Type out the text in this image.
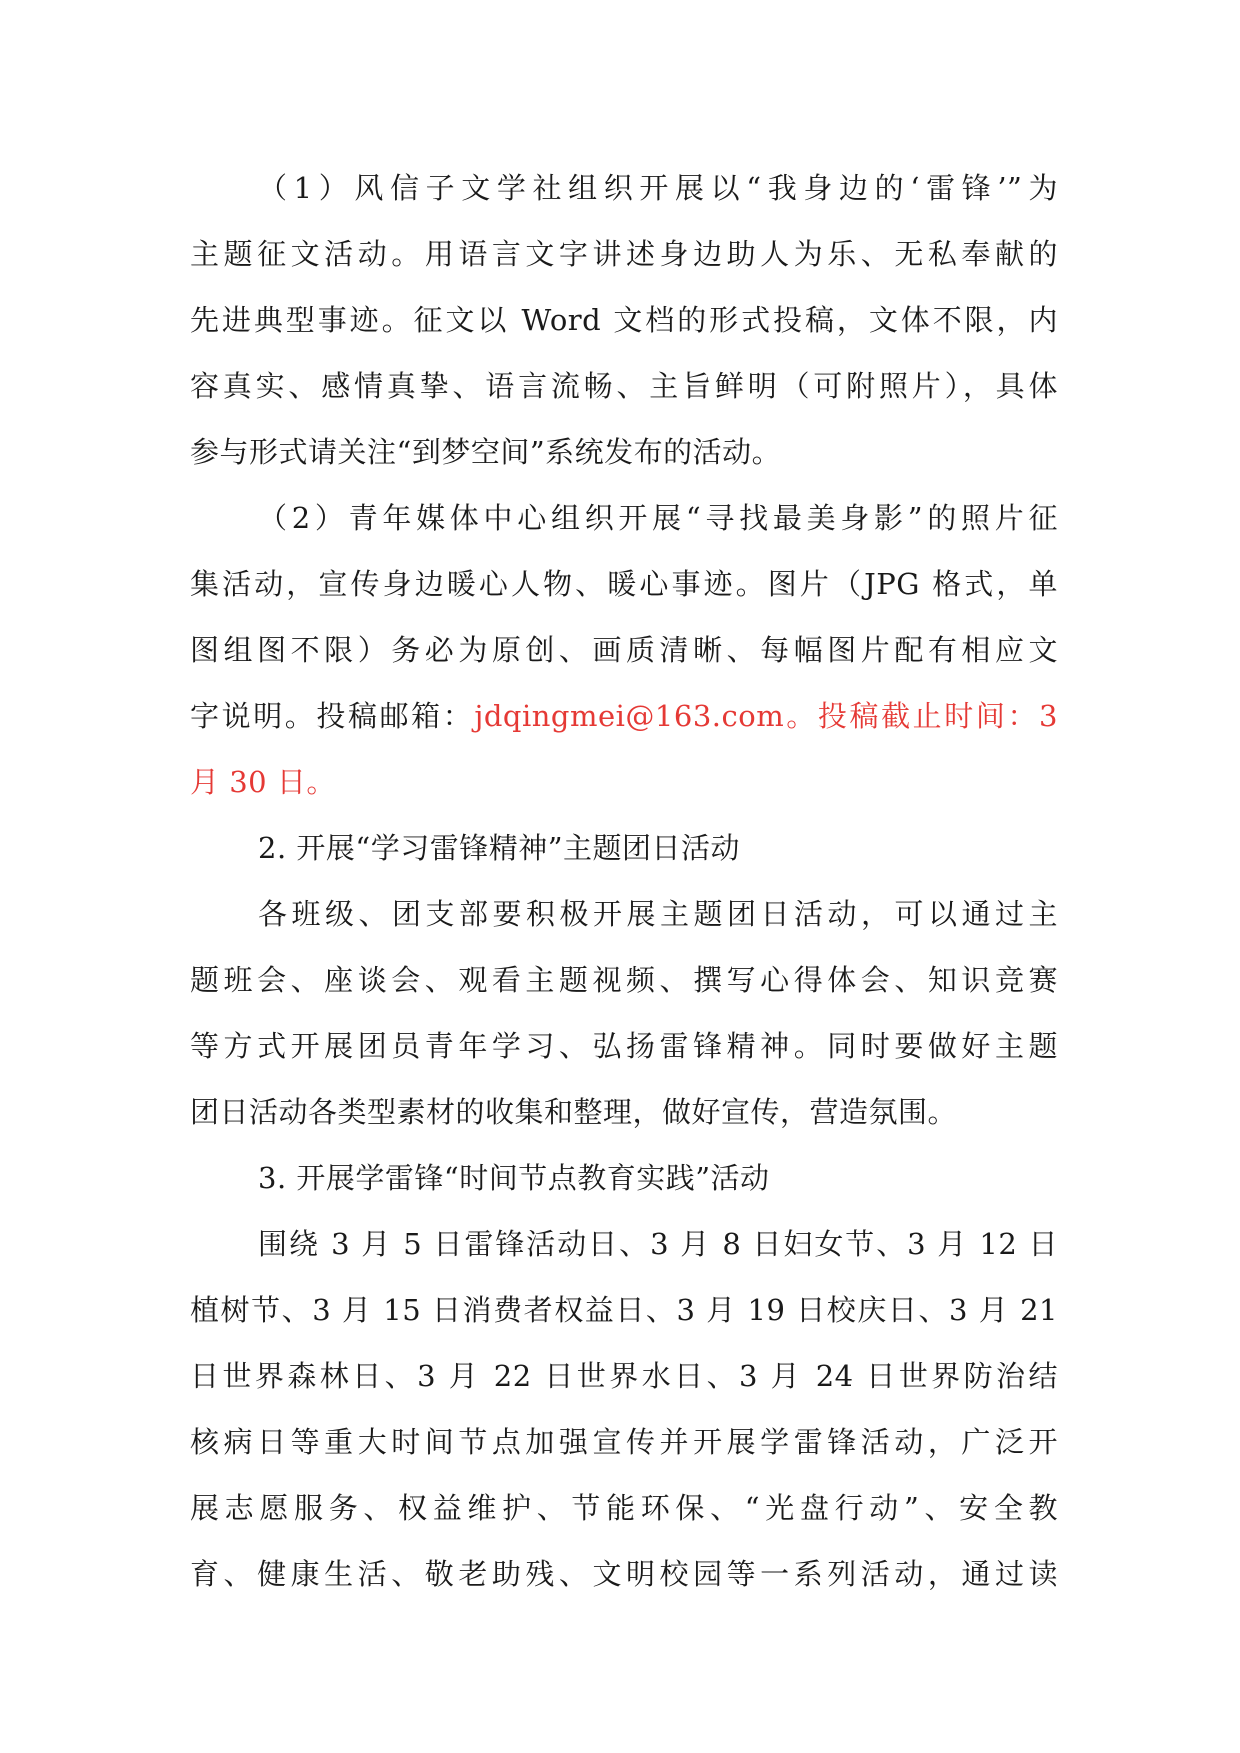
（1）风信子文学社组织开展以“我身边的‘雷锋’”为
主题征文活动。用语言文字讲述身边助人为乐、无私奉献的
先进典型事迹。征文以 Word 文档的形式投稿，文体不限，内
容真实、感情真挚、语言流畅、主旨鲜明（可附照片），具体
参与形式请关注“到梦空间”系统发布的活动。
（2）青年媒体中心组织开展“寻找最美身影”的照片征
集活动，宣传身边暖心人物、暖心事迹。图片（JPG 格式，单
图组图不限）务必为原创、画质清晰、每幅图片配有相应文
字说明。投稿邮箱：jdqingmei@163.com。投稿截止时间：3
月 30 日。
2. 开展“学习雷锋精神”主题团日活动
各班级、团支部要积极开展主题团日活动，可以通过主
题班会、座谈会、观看主题视频、撰写心得体会、知识竞赛
等方式开展团员青年学习、弘扬雷锋精神。同时要做好主题
团日活动各类型素材的收集和整理，做好宣传，营造氛围。
3. 开展学雷锋“时间节点教育实践”活动
围绕 3 月 5 日雷锋活动日、3 月 8 日妇女节、3 月 12 日
植树节、3 月 15 日消费者权益日、3 月 19 日校庆日、3 月 21
日世界森林日、3 月 22 日世界水日、3 月 24 日世界防治结
核病日等重大时间节点加强宣传并开展学雷锋活动，广泛开
展志愿服务、权益维护、节能环保、“光盘行动”、安全教
育、健康生活、敬老助残、文明校园等一系列活动，通过读
